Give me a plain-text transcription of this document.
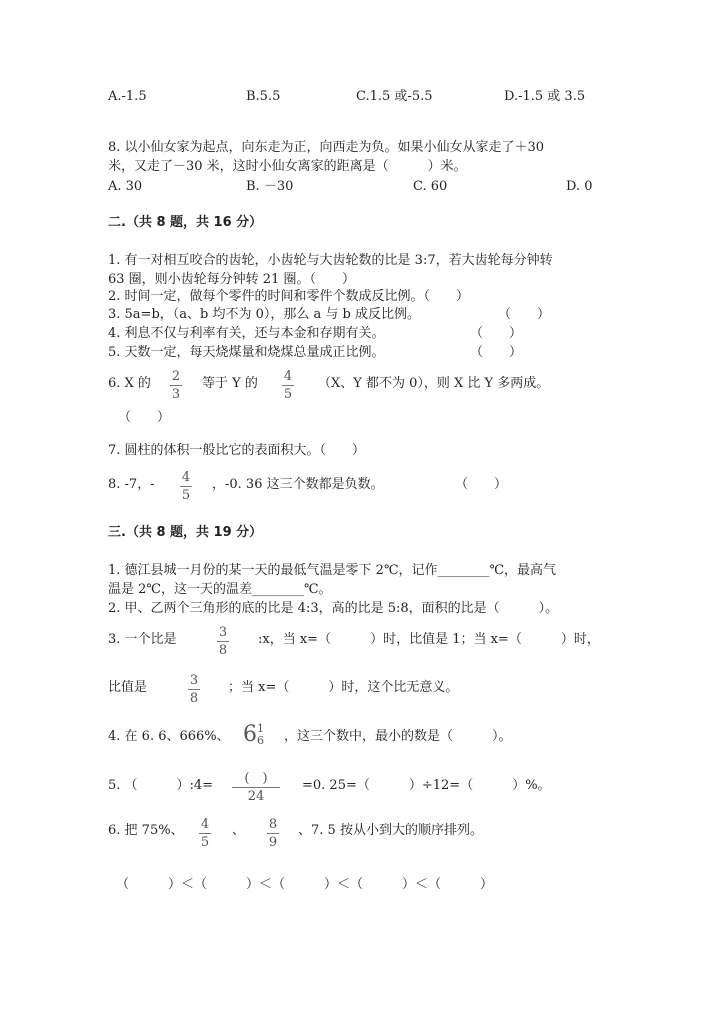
A.-1.5	B.5.5	C.1.5 或-5.5	D.-1.5 或 3.5
8. 以小仙女家为起点，向东走为正，向西走为负。如果小仙女从家走了＋30
米，又走了－30 米，这时小仙女离家的距离是（　　　）米。
A. 30	B. －30	C. 60	D. 0
二.（共 8 题，共 16 分）
1. 有一对相互咬合的齿轮，小齿轮与大齿轮数的比是 3:7，若大齿轮每分钟转
63 圈，则小齿轮每分钟转 21 圈。（　　）
2. 时间一定，做每个零件的时间和零件个数成反比例。（　　）
3. 5a=b，（a、b 均不为 0），那么 a 与 b 成反比例。	（　　）
4. 利息不仅与利率有关，还与本金和存期有关。	（　　）
5. 天数一定，每天烧煤量和烧煤总量成正比例。	（　　）
6. X 的 2
3
等于 Y 的 4
5
（X、Y 都不为 0），则 X 比 Y 多两成。
（　　）
7. 圆柱的体积一般比它的表面积大。（　　）
8. -7，- 4
5
，-0. 36 这三个数都是负数。	（　　）
三.（共 8 题，共 19 分）
1. 德江县城一月份的某一天的最低气温是零下 2℃，记作________℃，最高气
温是 2℃，这一天的温差________℃。
2. 甲、乙两个三角形的底的比是 4:3，高的比是 5:8，面积的比是（　　　）。
3. 一个比是	3
8
:x，当 x=（　　　）时，比值是 1；当 x=（　　　）时，
比值是	3
8
；当 x=（　　　）时，这个比无意义。
4. 在 6. 6、666%、 6 1
6 ，这三个数中，最小的数是（　　　）。
5. （　　　）:4= (　)
24
=0. 25=（　　　）÷12=（　　　）%。
6. 把 75%、 4
5
、 8
9
、7. 5 按从小到大的顺序排列。
（　　　）＜（　　　）＜（　　　）＜（　　　）＜（　　　）
